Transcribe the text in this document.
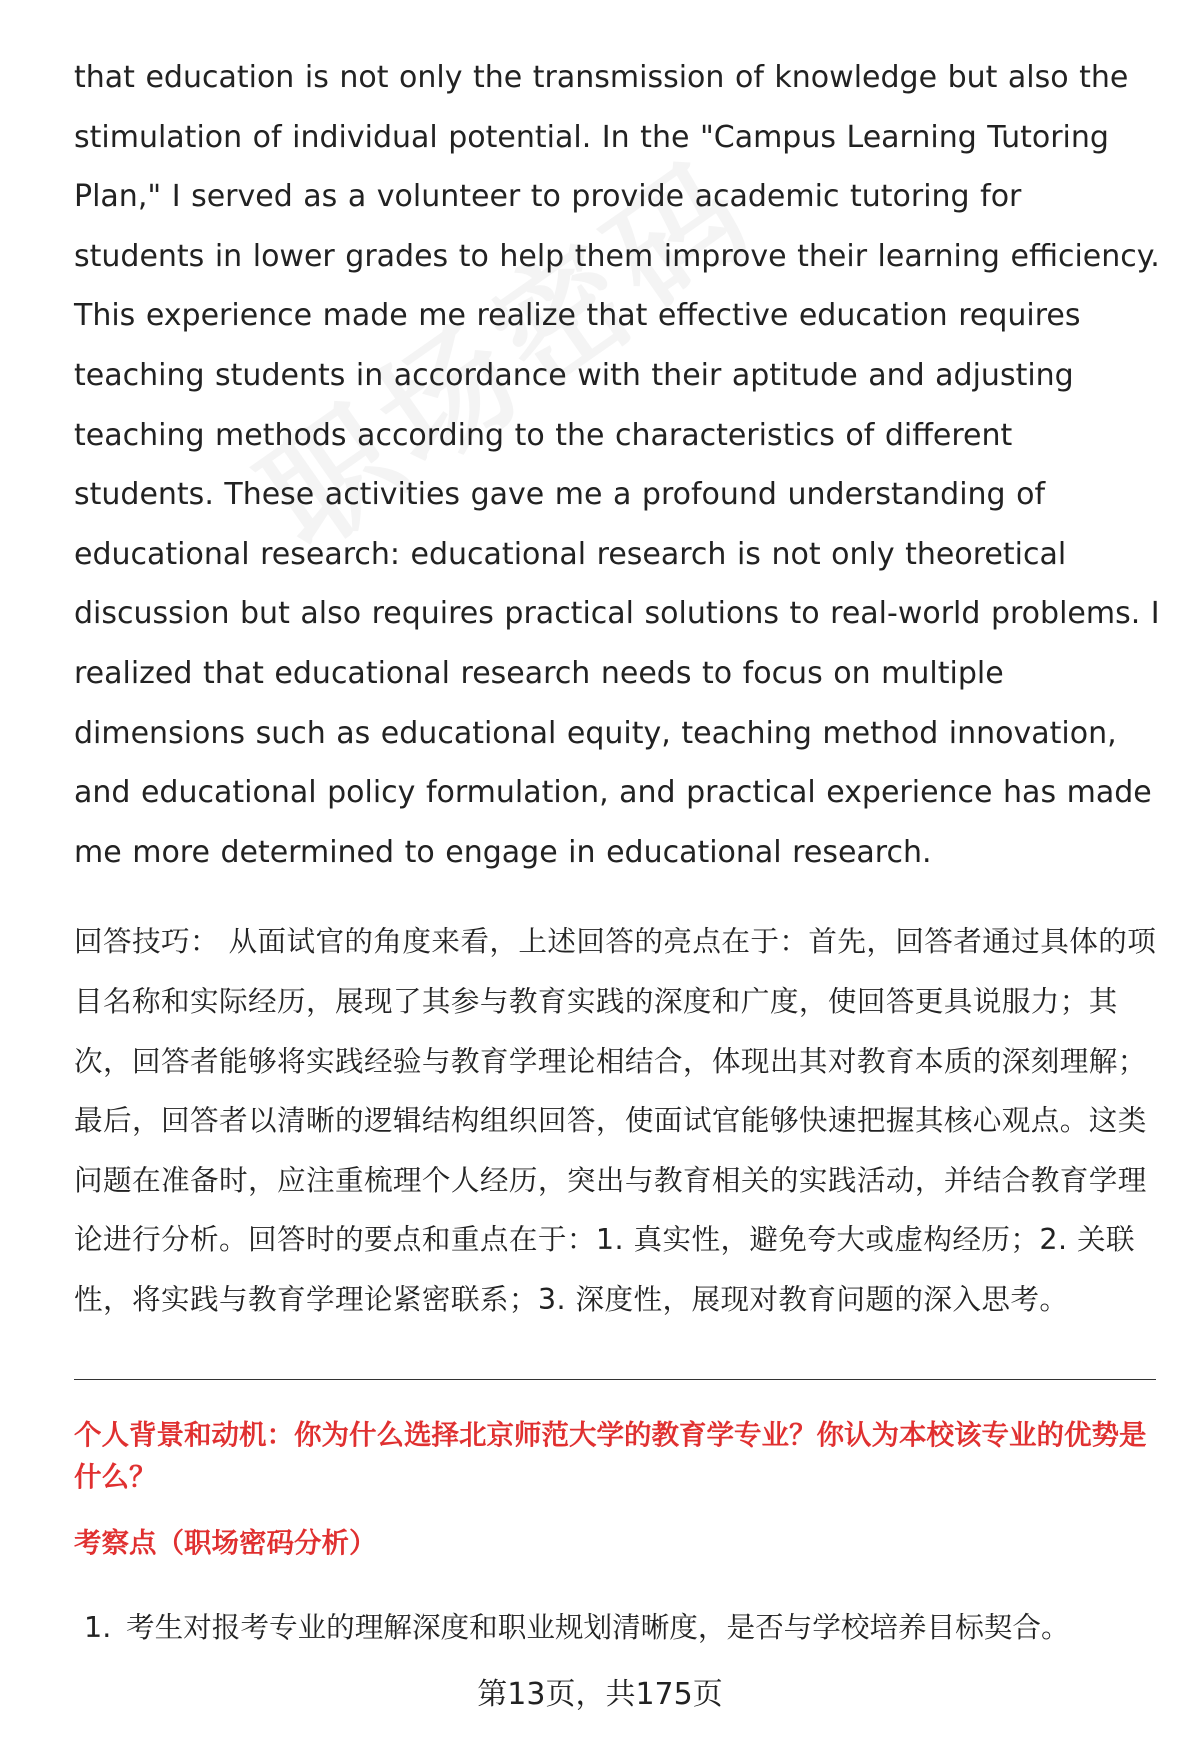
that education is not only the transmission of knowledge but also the stimulation of individual potential. In the "Campus Learning Tutoring Plan," I served as a volunteer to provide academic tutoring for students in lower grades to help them improve their learning efficiency. This experience made me realize that effective education requires teaching students in accordance with their aptitude and adjusting teaching methods according to the characteristics of different students. These activities gave me a profound understanding of educational research: educational research is not only theoretical discussion but also requires practical solutions to real-world problems. I realized that educational research needs to focus on multiple dimensions such as educational equity, teaching method innovation, and educational policy formulation, and practical experience has made me more determined to engage in educational research.

回答技巧： 从面试官的角度来看，上述回答的亮点在于：首先，回答者通过具体的项目名称和实际经历，展现了其参与教育实践的深度和广度，使回答更具说服力；其次，回答者能够将实践经验与教育学理论相结合，体现出其对教育本质的深刻理解；最后，回答者以清晰的逻辑结构组织回答，使面试官能够快速把握其核心观点。这类问题在准备时，应注重梳理个人经历，突出与教育相关的实践活动，并结合教育学理论进行分析。回答时的要点和重点在于：1. 真实性，避免夸大或虚构经历；2. 关联性，将实践与教育学理论紧密联系；3. 深度性，展现对教育问题的深入思考。
个人背景和动机：你为什么选择北京师范大学的教育学专业？你认为本校该专业的优势是什么？
考察点（职场密码分析）
1. 考生对报考专业的理解深度和职业规划清晰度，是否与学校培养目标契合。
第13页，共175页
